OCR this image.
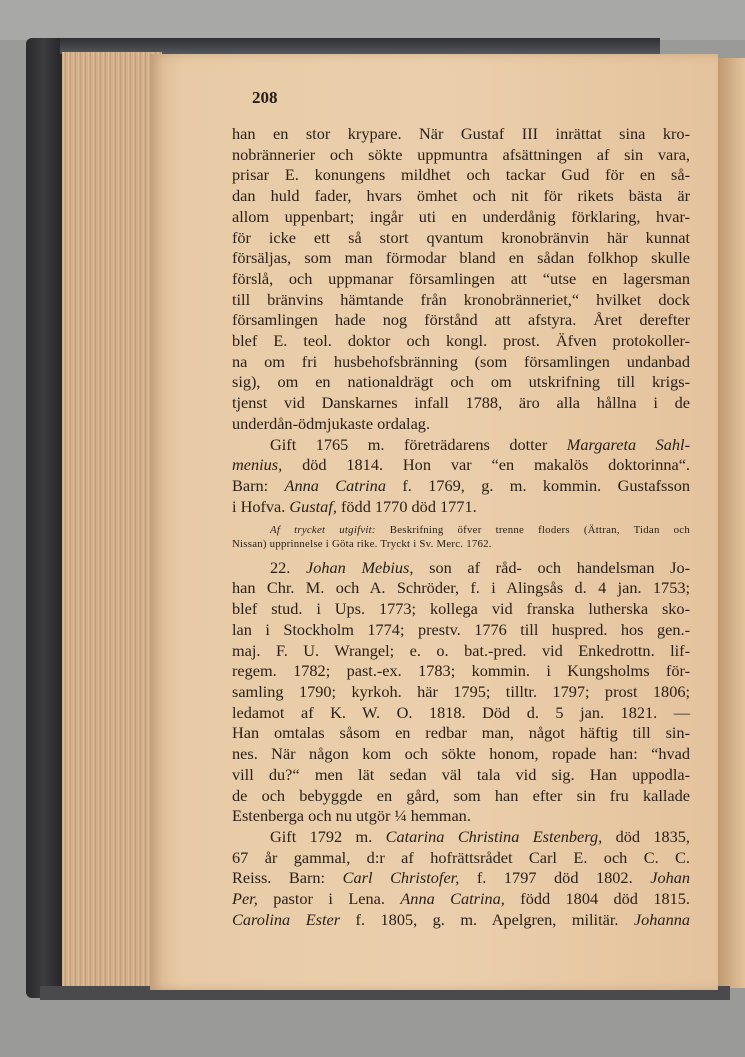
208

han en stor krypare. När Gustaf III inrättat sina kro-
nobrännerier och sökte uppmuntra afsättningen af sin vara,
prisar E. konungens mildhet och tackar Gud för en så-
dan huld fader, hvars ömhet och nit för rikets bästa är
allom uppenbart; ingår uti en underdånig förklaring, hvar-
för icke ett så stort qvantum kronobränvin här kunnat
försäljas, som man förmodar bland en sådan folkhop skulle
förslå, och uppmanar församlingen att “utse en lagersman
till bränvins hämtande från kronobränneriet,“ hvilket dock
församlingen hade nog förstånd att afstyra. Året derefter
blef E. teol. doktor och kongl. prost. Äfven protokoller-
na om fri husbehofsbränning (som församlingen undanbad
sig), om en nationaldrägt och om utskrifning till krigs-
tjenst vid Danskarnes infall 1788, äro alla hållna i de
underdån-ödmjukaste ordalag.
Gift 1765 m. företrädarens dotter Margareta Sahl-
menius, död 1814. Hon var “en makalös doktorinna“.
Barn: Anna Catrina f. 1769, g. m. kommin. Gustafsson
i Hofva. Gustaf, född 1770 död 1771.
Af trycket utgifvit: Beskrifning öfver trenne floders (Ättran, Tidan och
Nissan) upprinnelse i Göta rike. Tryckt i Sv. Merc. 1762.
22. Johan Mebius, son af råd- och handelsman Jo-
han Chr. M. och A. Schröder, f. i Alingsås d. 4 jan. 1753;
blef stud. i Ups. 1773; kollega vid franska lutherska sko-
lan i Stockholm 1774; prestv. 1776 till huspred. hos gen.-
maj. F. U. Wrangel; e. o. bat.-pred. vid Enkedrottn. lif-
regem. 1782; past.-ex. 1783; kommin. i Kungsholms för-
samling 1790; kyrkoh. här 1795; tilltr. 1797; prost 1806;
ledamot af K. W. O. 1818. Död d. 5 jan. 1821. —
Han omtalas såsom en redbar man, något häftig till sin-
nes. När någon kom och sökte honom, ropade han: “hvad
vill du?“ men lät sedan väl tala vid sig. Han uppodla-
de och bebyggde en gård, som han efter sin fru kallade
Estenberga och nu utgör ¼ hemman.
Gift 1792 m. Catarina Christina Estenberg, död 1835,
67 år gammal, d:r af hofrättsrådet Carl E. och C. C.
Reiss. Barn: Carl Christofer, f. 1797 död 1802. Johan
Per, pastor i Lena. Anna Catrina, född 1804 död 1815.
Carolina Ester f. 1805, g. m. Apelgren, militär. Johanna
